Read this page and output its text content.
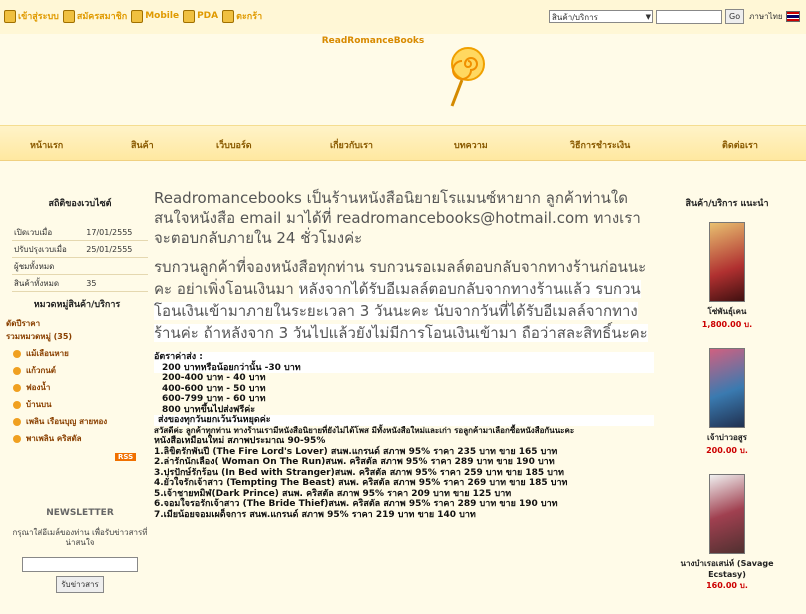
เข้าสู่ระบบ สมัครสมาชิก Mobile PDA ตะกร้า	สินค้า/บริการ ▼	Go	ภาษาไทย
ReadRomanceBooks
หน้าแรก	สินค้า	เว็บบอร์ด	เกี่ยวกับเรา	บทความ	วิธีการชำระเงิน	ติดต่อเรา
สถิติของเวบไซต์
เปิดเวบเมื่อ	17/01/2555
ปรับปรุงเวบเมื่อ	25/01/2555
ผู้ชมทั้งหมด	
สินค้าทั้งหมด	35
หมวดหมู่สินค้า/บริการ
ดัดปีราคา
รวมหมวดหมู่ (35)
แม้เลือนหาย
แก้วกนต์
ฟองน้ำ
บ้านบน
เพลิน เรือนบุญ สายทอง
พาเพลิน คริสตัล
RSS
NEWSLETTER
กรุณาใส่อีเมล์ของท่าน เพื่อรับข่าวสารที่น่าสนใจ
รับข่าวสาร
Readromancebooks เป็นร้านหนังสือนิยายโรแมนซ์หายาก ลูกค้าท่านใดสนใจหนังสือ email มาได้ที่ readromancebooks@hotmail.com ทางเราจะตอบกลับภายใน 24 ชั่วโมงค่ะ
รบกวนลูกค้าที่จองหนังสือทุกท่าน รบกวนรอเมลล์ตอบกลับจากทางร้านก่อนนะคะ อย่าเพิ่งโอนเงินมา หลังจากได้รับอีเมลล์ตอบกลับจากทางร้านแล้ว รบกวนโอนเงินเข้ามาภายในระยะเวลา 3 วันนะคะ นับจากวันที่ได้รับอีเมลล์จากทางร้านค่ะ ถ้าหลังจาก 3 วันไปแล้วยังไม่มีการโอนเงินเข้ามา ถือว่าสละสิทธิ์นะคะ
อัตราค่าส่ง :
200 บาทหรือน้อยกว่านั้น -30 บาท
200-400 บาท - 40 บาท
400-600 บาท - 50 บาท
600-799 บาท - 60 บาท
800 บาทขึ้นไปส่งฟรีค่ะ
ส่งของทุกวันยกเว้นวันหยุดค่ะ
สวัสดีค่ะ ลูกค้าทุกท่าน ทางร้านเรามีหนังสือนิยายที่ยังไม่ได้โพส มีทั้งหนังสือใหม่และเก่า รอลูกค้ามาเลือกซื้อหนังสือกันนะคะ
หนังสือเหมือนใหม่ สภาพประมาณ 90-95%
1.ลิขิตรักพันปี (The Fire Lord's Lover) สนพ.แกรนด์ สภาพ 95% ราคา 235 บาท ขาย 165 บาท
2.ล่ารักนักเลือง( Woman On The Run)สนพ. คริสตัล สภาพ 95% ราคา 289 บาท ขาย 190 บาท
3.ปรปักษ์รักร้อน (In Bed with Stranger)สนพ. คริสตัล สภาพ 95% ราคา 259 บาท ขาย 185 บาท
4.ยั่วใจรักเจ้าสาว (Tempting The Beast) สนพ. คริสตัล สภาพ 95% ราคา 269 บาท ขาย 185 บาท
5.เจ้าชายทมิฬ(Dark Prince) สนพ. คริสตัล สภาพ 95% ราคา 209 บาท ขาย 125 บาท
6.จอมใจรอรักเจ้าสาว (The Bride Thief)สนพ. คริสตัล สภาพ 95% ราคา 289 บาท ขาย 190 บาท
7.เมียน้อยจอมเผด็จการ สนพ.แกรนด์ สภาพ 95% ราคา 219 บาท ขาย 140 บาท
สินค้า/บริการ แนะนำ
โซ่พันธุ์เคน
1,800.00 บ.
เจ้าบ่าวอสูร
200.00 บ.
นางบำเรอเสน่ห์ (Savage Ecstasy)
160.00 บ.
